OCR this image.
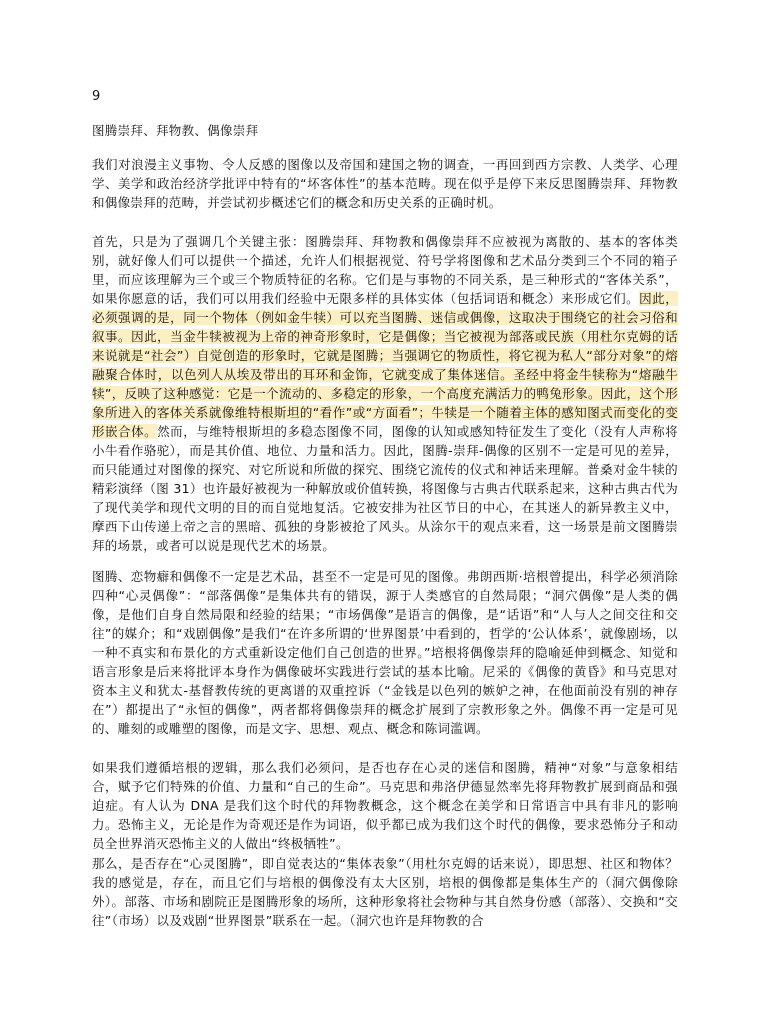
9
图腾崇拜、拜物教、偶像崇拜

我们对浪漫主义事物、令人反感的图像以及帝国和建国之物的调查，一再回到西方宗教、人类学、心理学、美学和政治经济学批评中特有的“坏客体性”的基本范畴。现在似乎是停下来反思图腾崇拜、拜物教和偶像崇拜的范畴，并尝试初步概述它们的概念和历史关系的正确时机。

首先，只是为了强调几个关键主张：图腾崇拜、拜物教和偶像崇拜不应被视为离散的、基本的客体类别，就好像人们可以提供一个描述，允许人们根据视觉、符号学将图像和艺术品分类到三个不同的箱子里，而应该理解为三个或三个物质特征的名称。它们是与事物的不同关系，是三种形式的“客体关系”，如果你愿意的话，我们可以用我们经验中无限多样的具体实体（包括词语和概念）来形成它们。因此，必须强调的是，同一个物体（例如金牛犊）可以充当图腾、迷信或偶像，这取决于围绕它的社会习俗和叙事。因此，当金牛犊被视为上帝的神奇形象时，它是偶像；当它被视为部落或民族（用杜尔克姆的话来说就是“社会”）自觉创造的形象时，它就是图腾；当强调它的物质性，将它视为私人“部分对象”的熔融聚合体时，以色列人从埃及带出的耳环和金饰，它就变成了集体迷信。圣经中将金牛犊称为“熔融牛犊”，反映了这种感觉：它是一个流动的、多稳定的形象，一个高度充满活力的鸭兔形象。因此，这个形象所进入的客体关系就像维特根斯坦的“看作”或“方面看”；牛犊是一个随着主体的感知图式而变化的变形嵌合体。然而，与维特根斯坦的多稳态图像不同，图像的认知或感知特征发生了变化（没有人声称将小牛看作骆驼），而是其价值、地位、力量和活力。因此，图腾-崇拜-偶像的区别不一定是可见的差异，而只能通过对图像的探究、对它所说和所做的探究、围绕它流传的仪式和神话来理解。普桑对金牛犊的精彩演绎（图 31）也许最好被视为一种解放或价值转换，将图像与古典古代联系起来，这种古典古代为了现代美学和现代文明的目的而自觉地复活。它被安排为社区节日的中心，在其迷人的新异教主义中，摩西下山传递上帝之言的黑暗、孤独的身影被抢了风头。从涂尔干的观点来看，这一场景是前文图腾崇拜的场景，或者可以说是现代艺术的场景。

图腾、恋物癖和偶像不一定是艺术品，甚至不一定是可见的图像。弗朗西斯·培根曾提出，科学必须消除四种“心灵偶像”：“部落偶像”是集体共有的错误，源于人类感官的自然局限；“洞穴偶像”是人类的偶像，是他们自身自然局限和经验的结果；“市场偶像”是语言的偶像，是“话语”和“人与人之间交往和交往”的媒介；和“戏剧偶像”是我们“在许多所谓的‘世界图景’中看到的，哲学的‘公认体系’，就像剧场，以一种不真实和布景化的方式重新设定他们自己创造的世界。”培根将偶像崇拜的隐喻延伸到概念、知觉和语言形象是后来将批评本身作为偶像破坏实践进行尝试的基本比喻。尼采的《偶像的黄昏》和马克思对资本主义和犹太-基督教传统的更离谱的双重控诉（“金钱是以色列的嫉妒之神，在他面前没有别的神存在”）都提出了“永恒的偶像”，两者都将偶像崇拜的概念扩展到了宗教形象之外。偶像不再一定是可见的、雕刻的或雕塑的图像，而是文字、思想、观点、概念和陈词滥调。

如果我们遵循培根的逻辑，那么我们必须问，是否也存在心灵的迷信和图腾，精神“对象”与意象相结合，赋予它们特殊的价值、力量和“自己的生命”。马克思和弗洛伊德显然率先将拜物教扩展到商品和强迫症。有人认为 DNA 是我们这个时代的拜物教概念，这个概念在美学和日常语言中具有非凡的影响力。恐怖主义，无论是作为奇观还是作为词语，似乎都已成为我们这个时代的偶像，要求恐怖分子和动员全世界消灭恐怖主义的人做出“终极牺牲”。

那么，是否存在“心灵图腾”，即自觉表达的“集体表象”（用杜尔克姆的话来说），即思想、社区和物体？我的感觉是，存在，而且它们与培根的偶像没有太大区别，培根的偶像都是集体生产的（洞穴偶像除外）。部落、市场和剧院正是图腾形象的场所，这种形象将社会物种与其自然身份感（部落）、交换和“交往”（市场）以及戏剧“世界图景”联系在一起。（洞穴也许是拜物教的合
